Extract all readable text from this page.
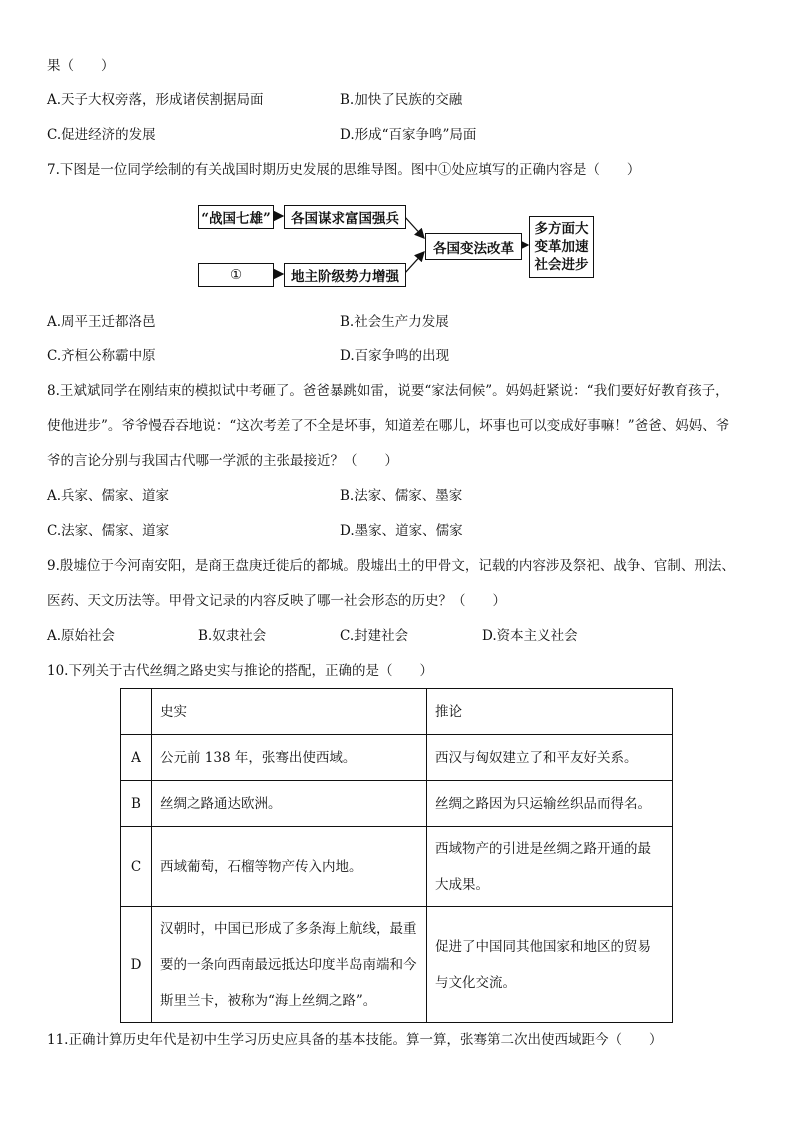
果（　　）
A.天子大权旁落，形成诸侯割据局面	B.加快了民族的交融
C.促进经济的发展	D.形成“百家争鸣”局面
7.下图是一位同学绘制的有关战国时期历史发展的思维导图。图中①处应填写的正确内容是（　　）
“战国七雄”	各国谋求富国强兵
①	地主阶级势力增强
各国变法改革
多方面大
变革加速
社会进步
A.周平王迁都洛邑	B.社会生产力发展
C.齐桓公称霸中原	D.百家争鸣的出现
8.王斌斌同学在刚结束的模拟试中考砸了。爸爸暴跳如雷，说要“家法伺候”。妈妈赶紧说：“我们要好好教育孩子，
使他进步”。爷爷慢吞吞地说：“这次考差了不全是坏事，知道差在哪儿，坏事也可以变成好事嘛！”爸爸、妈妈、爷
爷的言论分别与我国古代哪一学派的主张最接近？（　　）
A.兵家、儒家、道家	B.法家、儒家、墨家
C.法家、儒家、道家	D.墨家、道家、儒家
9.殷墟位于今河南安阳，是商王盘庚迁徙后的都城。殷墟出土的甲骨文，记载的内容涉及祭祀、战争、官制、刑法、
医药、天文历法等。甲骨文记录的内容反映了哪一社会形态的历史？（　　）
A.原始社会	B.奴隶社会	C.封建社会	D.资本主义社会
10.下列关于古代丝绸之路史实与推论的搭配，正确的是（　　）
	史实	推论
A	公元前 138 年，张骞出使西域。	西汉与匈奴建立了和平友好关系。
B	丝绸之路通达欧洲。	丝绸之路因为只运输丝织品而得名。
C	西域葡萄，石榴等物产传入内地。	西域物产的引进是丝绸之路开通的最大成果。

D	汉朝时，中国已形成了多条海上航线，最重要的一条向西南最远抵达印度半岛南端和今斯里兰卡，被称为“海上丝绸之路”。	促进了中国同其他国家和地区的贸易与文化交流。
11.正确计算历史年代是初中生学习历史应具备的基本技能。算一算，张骞第二次出使西域距今（　　）
